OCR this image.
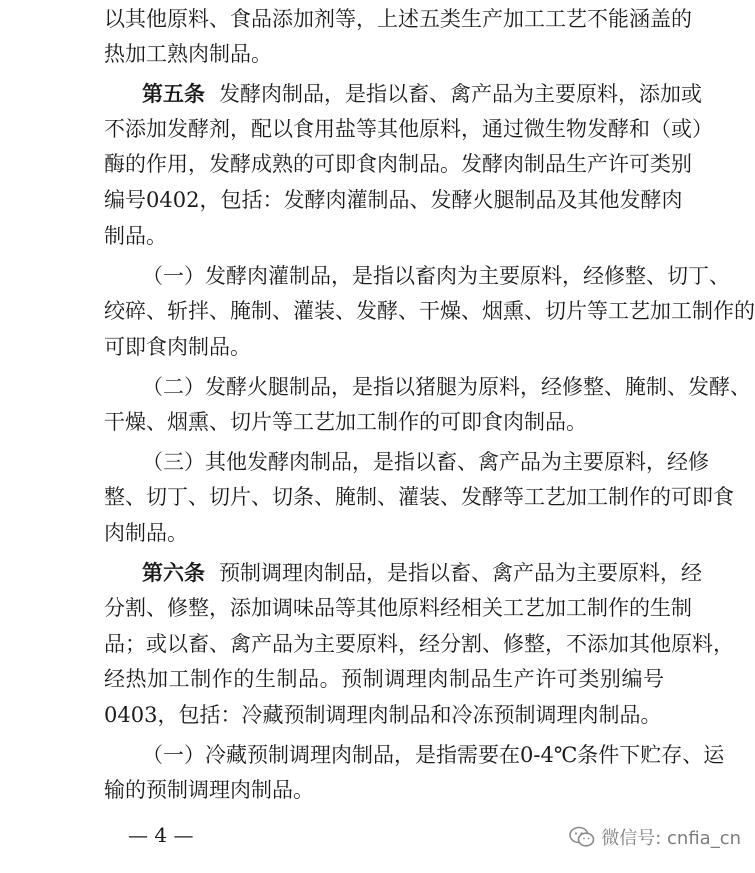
以其他原料、食品添加剂等，上述五类生产加工工艺不能涵盖的
热加工熟肉制品。
第五条 发酵肉制品，是指以畜、禽产品为主要原料，添加或
不添加发酵剂，配以食用盐等其他原料，通过微生物发酵和（或）
酶的作用，发酵成熟的可即食肉制品。发酵肉制品生产许可类别
编号0402，包括：发酵肉灌制品、发酵火腿制品及其他发酵肉
制品。
（一）发酵肉灌制品，是指以畜肉为主要原料，经修整、切丁、
绞碎、斩拌、腌制、灌装、发酵、干燥、烟熏、切片等工艺加工制作的
可即食肉制品。
（二）发酵火腿制品，是指以猪腿为原料，经修整、腌制、发酵、
干燥、烟熏、切片等工艺加工制作的可即食肉制品。
（三）其他发酵肉制品，是指以畜、禽产品为主要原料，经修
整、切丁、切片、切条、腌制、灌装、发酵等工艺加工制作的可即食
肉制品。
第六条 预制调理肉制品，是指以畜、禽产品为主要原料，经
分割、修整，添加调味品等其他原料经相关工艺加工制作的生制
品；或以畜、禽产品为主要原料，经分割、修整，不添加其他原料，
经热加工制作的生制品。预制调理肉制品生产许可类别编号
0403，包括：冷藏预制调理肉制品和冷冻预制调理肉制品。
（一）冷藏预制调理肉制品，是指需要在0-4℃条件下贮存、运
输的预制调理肉制品。
— 4 —	微信号: cnfia_cn
